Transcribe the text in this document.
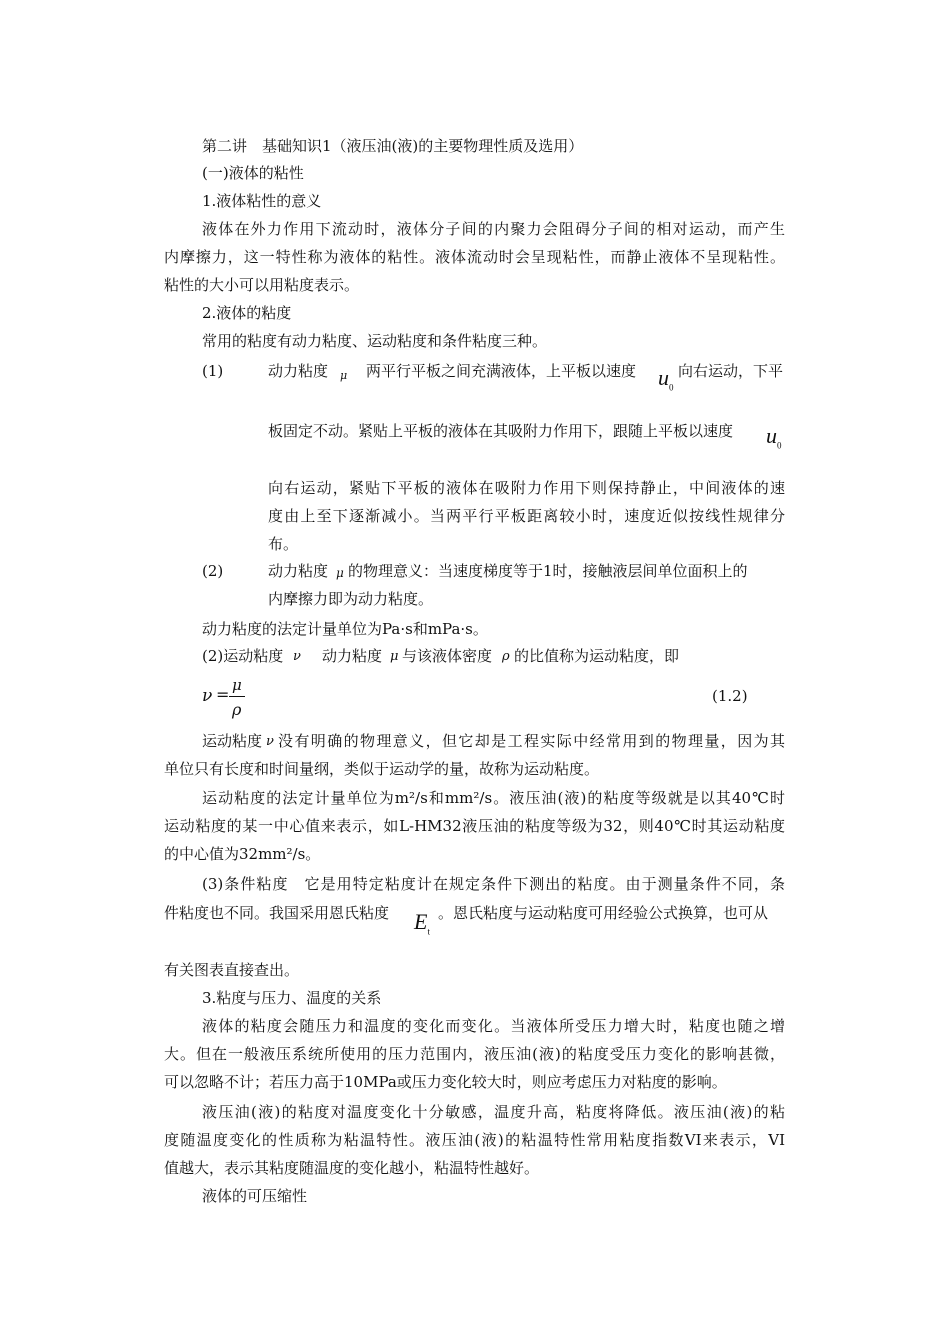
第二讲　基础知识1（液压油(液)的主要物理性质及选用）
(一)液体的粘性
1.液体粘性的意义
液体在外力作用下流动时，液体分子间的内聚力会阻碍分子间的相对运动，而产生
内摩擦力，这一特性称为液体的粘性。液体流动时会呈现粘性，而静止液体不呈现粘性。
粘性的大小可以用粘度表示。
2.液体的粘度
常用的粘度有动力粘度、运动粘度和条件粘度三种。
(1)	动力粘度 μ 两平行平板之间充满液体，上平板以速度 $u_0$
向右运动，下平
板固定不动。紧贴上平板的液体在其吸附力作用下，跟随上平板以速度 $u_0$
向右运动，紧贴下平板的液体在吸附力作用下则保持静止，中间液体的速
度由上至下逐渐减小。当两平行平板距离较小时，速度近似按线性规律分
布。
(2)	动力粘度 μ 的物理意义：当速度梯度等于1时，接触液层间单位面积上的
内摩擦力即为动力粘度。
动力粘度的法定计量单位为Pa·s和mPa·s。
(2)运动粘度 ν 动力粘度 μ 与该液体密度 ρ 的比值称为运动粘度，即
ν = μ
ρ
(1.2)
运动粘度 ν 没有明确的物理意义，但它却是工程实际中经常用到的物理量，因为其
单位只有长度和时间量纲，类似于运动学的量，故称为运动粘度。
运动粘度的法定计量单位为m²/s和mm²/s。液压油(液)的粘度等级就是以其40℃时
运动粘度的某一中心值来表示，如L-HM32液压油的粘度等级为32，则40℃时其运动粘度
的中心值为32mm²/s。
(3)条件粘度　它是用特定粘度计在规定条件下测出的粘度。由于测量条件不同，条
件粘度也不同。我国采用恩氏粘度 $E_t$
。恩氏粘度与运动粘度可用经验公式换算，也可从
有关图表直接查出。
3.粘度与压力、温度的关系
液体的粘度会随压力和温度的变化而变化。当液体所受压力增大时，粘度也随之增
大。但在一般液压系统所使用的压力范围内，液压油(液)的粘度受压力变化的影响甚微，
可以忽略不计；若压力高于10MPa或压力变化较大时，则应考虑压力对粘度的影响。
液压油(液)的粘度对温度变化十分敏感，温度升高，粘度将降低。液压油(液)的粘
度随温度变化的性质称为粘温特性。液压油(液)的粘温特性常用粘度指数VI来表示，VI
值越大，表示其粘度随温度的变化越小，粘温特性越好。
液体的可压缩性
